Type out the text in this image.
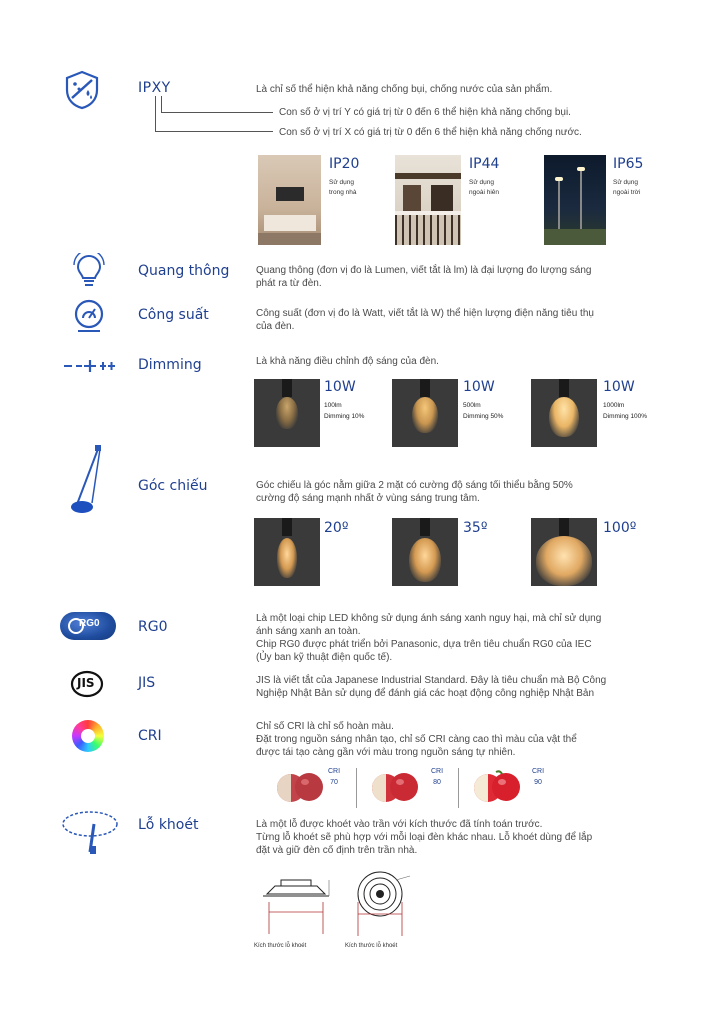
IPXY	Là chỉ số thể hiện khả năng chống bụi, chống nước của sản phẩm.
Con số ở vị trí Y có giá trị từ 0 đến 6 thể hiện khả năng chống bụi.
Con số ở vị trí X có giá trị từ 0 đến 6 thể hiện khả năng chống nước.
IP20
Sử dụng
trong nhà
IP44
Sử dụng
ngoài hiên
IP65
Sử dụng
ngoài trời
Quang thông	Quang thông (đơn vị đo là Lumen, viết tắt là lm) là đại lượng đo lượng sáng
phát ra từ đèn.
Công suất	Công suất (đơn vị đo là Watt, viết tắt là W) thể hiện lượng điện năng tiêu thụ
của đèn.
Dimming	Là khả năng điều chỉnh độ sáng của đèn.
10W
100lm
Dimming 10%
10W
500lm
Dimming 50%
10W
1000lm
Dimming 100%
Góc chiếu	Góc chiếu là góc nằm giữa 2 mặt có cường độ sáng tối thiểu bằng 50%
cường độ sáng mạnh nhất ở vùng sáng trung tâm.
20º	35º	100º
RG0	RG0
Là một loại chip LED không sử dụng ánh sáng xanh nguy hại, mà chỉ sử dụng
ánh sáng xanh an toàn.
Chip RG0 được phát triển bởi Panasonic, dựa trên tiêu chuẩn RG0 của IEC
(Ủy ban kỹ thuật điện quốc tế).
JIS	JIS	JIS là viết tắt của Japanese Industrial Standard. Đây là tiêu chuẩn mà Bộ Công
Nghiệp Nhật Bản sử dụng để đánh giá các hoạt động công nghiệp Nhật Bản
CRI
Chỉ số CRI là chỉ số hoàn màu.
Đặt trong nguồn sáng nhân tạo, chỉ số CRI càng cao thì màu của vật thể
được tái tạo càng gần với màu trong nguồn sáng tự nhiên.
CRI
70
CRI
80
CRI
90
Lỗ khoét	Là một lỗ được khoét vào trần với kích thước đã tính toán trước.
Từng lỗ khoét sẽ phù hợp với mỗi loại đèn khác nhau. Lỗ khoét dùng để lắp
đặt và giữ đèn cố định trên trần nhà.
Kích thước lỗ khoét	Kích thước lỗ khoét
